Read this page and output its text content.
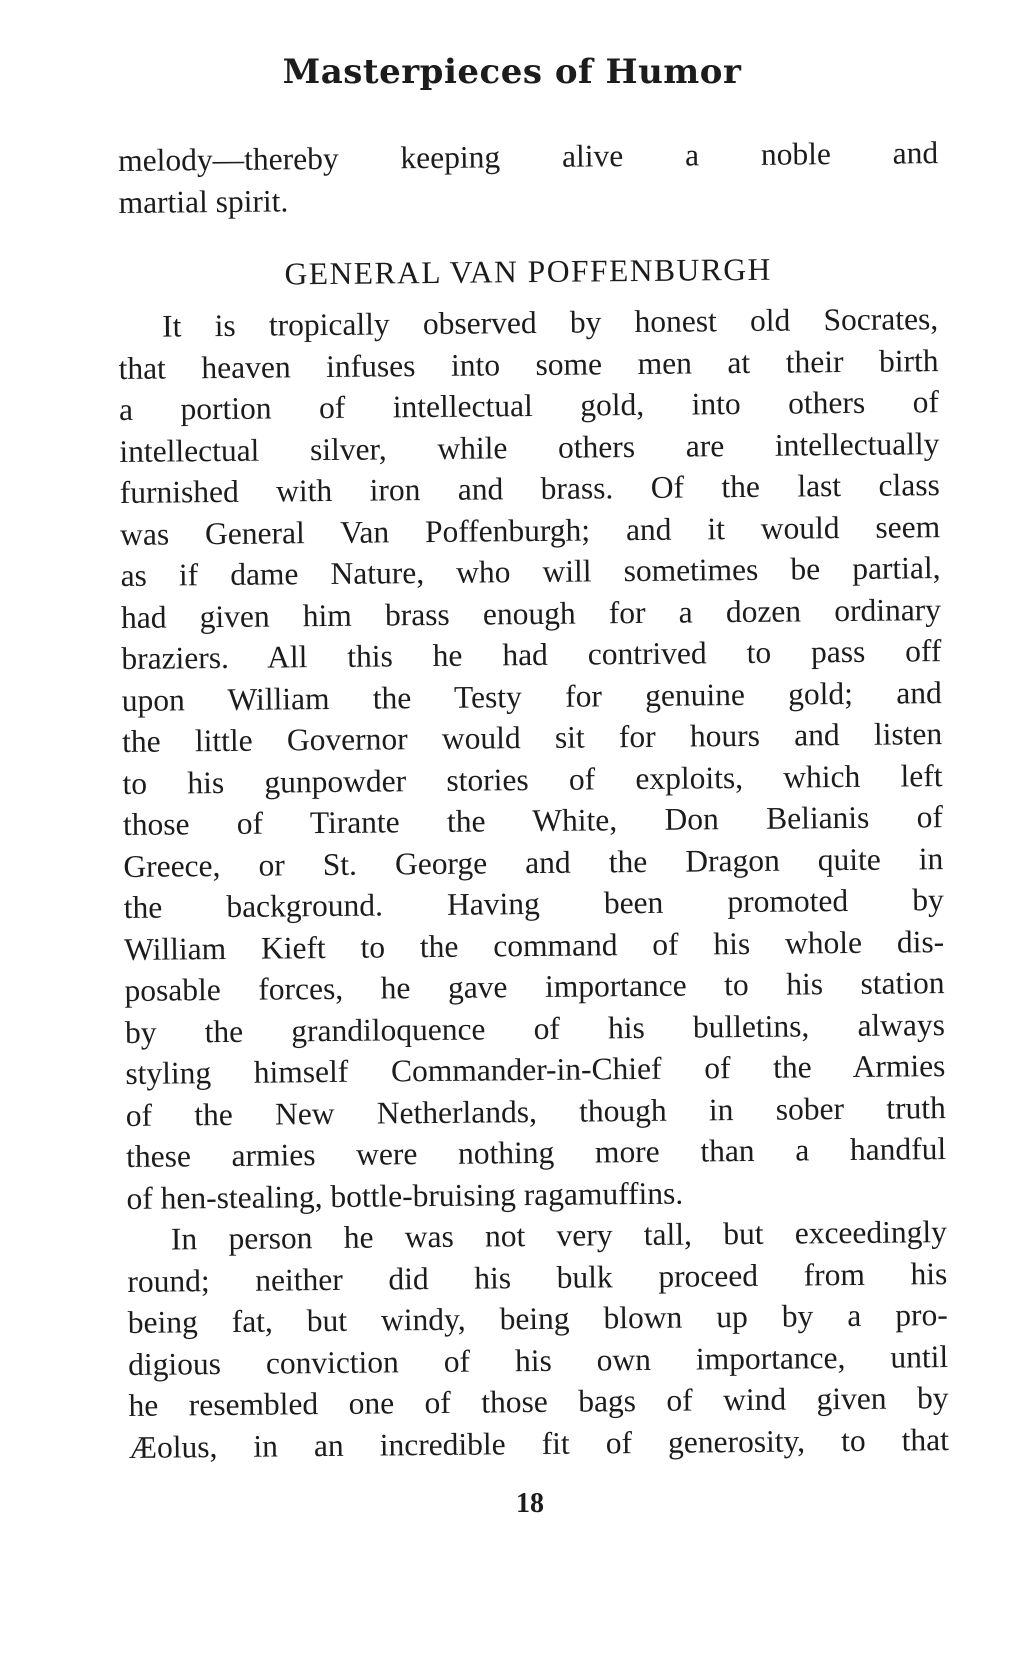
Masterpieces of Humor
melody—thereby keeping alive a noble and
martial spirit.
GENERAL VAN POFFENBURGH
It is tropically observed by honest old Socrates,
that heaven infuses into some men at their birth
a portion of intellectual gold, into others of
intellectual silver, while others are intellectually
furnished with iron and brass. Of the last class
was General Van Poffenburgh; and it would seem
as if dame Nature, who will sometimes be partial,
had given him brass enough for a dozen ordinary
braziers. All this he had contrived to pass off
upon William the Testy for genuine gold; and
the little Governor would sit for hours and listen
to his gunpowder stories of exploits, which left
those of Tirante the White, Don Belianis of
Greece, or St. George and the Dragon quite in
the background. Having been promoted by
William Kieft to the command of his whole dis-
posable forces, he gave importance to his station
by the grandiloquence of his bulletins, always
styling himself Commander-in-Chief of the Armies
of the New Netherlands, though in sober truth
these armies were nothing more than a handful
of hen-stealing, bottle-bruising ragamuffins.
In person he was not very tall, but exceedingly
round; neither did his bulk proceed from his
being fat, but windy, being blown up by a pro-
digious conviction of his own importance, until
he resembled one of those bags of wind given by
Æolus, in an incredible fit of generosity, to that
18
